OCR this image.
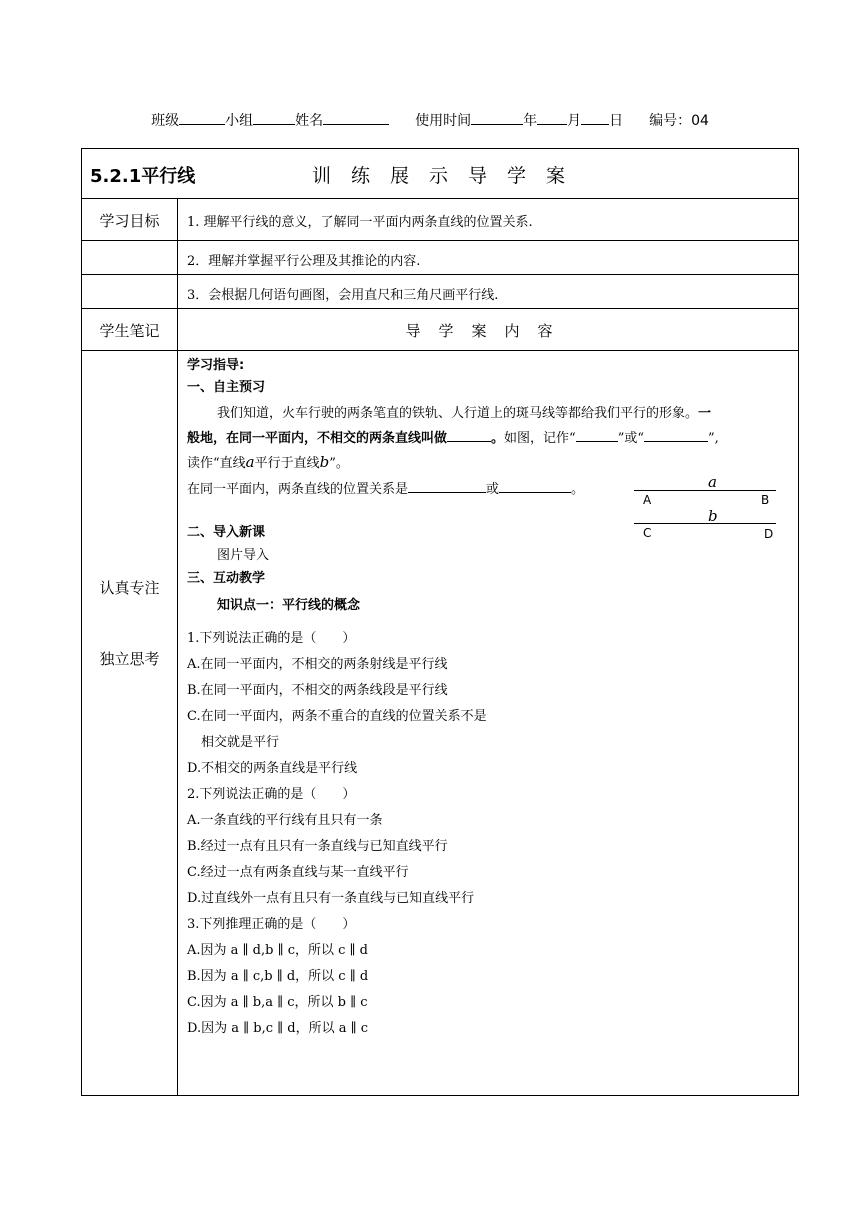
班级	小组	姓名	使用时间	年 月 日 编号：04
5.2.1平行线	训练展示导学案
学习目标	1. 理解平行线的意义，了解同一平面内两条直线的位置关系.
2．理解并掌握平行公理及其推论的内容.
3．会根据几何语句画图，会用直尺和三角尺画平行线.
学生笔记	导学案内容
认真专注
独立思考
学习指导:
一、自主预习
我们知道，火车行驶的两条笔直的铁轨、人行道上的斑马线等都给我们平行的形象。一
般地，在同一平面内，不相交的两条直线叫做	。如图，记作“	”或“	”,
读作“直线a平行于直线b”。
在同一平面内，两条直线的位置关系是	或	。
二、导入新课
图片导入
三、互动教学
知识点一：平行线的概念
1.下列说法正确的是（　　）
A.在同一平面内，不相交的两条射线是平行线
B.在同一平面内，不相交的两条线段是平行线
C.在同一平面内，两条不重合的直线的位置关系不是
相交就是平行
D.不相交的两条直线是平行线
2.下列说法正确的是（　　）
A.一条直线的平行线有且只有一条
B.经过一点有且只有一条直线与已知直线平行
C.经过一点有两条直线与某一直线平行
D.过直线外一点有且只有一条直线与已知直线平行
3.下列推理正确的是（　　）
A.因为 a ∥ d,b ∥ c，所以 c ∥ d
B.因为 a ∥ c,b ∥ d，所以 c ∥ d
C.因为 a ∥ b,a ∥ c，所以 b ∥ c
D.因为 a ∥ b,c ∥ d，所以 a ∥ c
a
b
A	B
C	D
